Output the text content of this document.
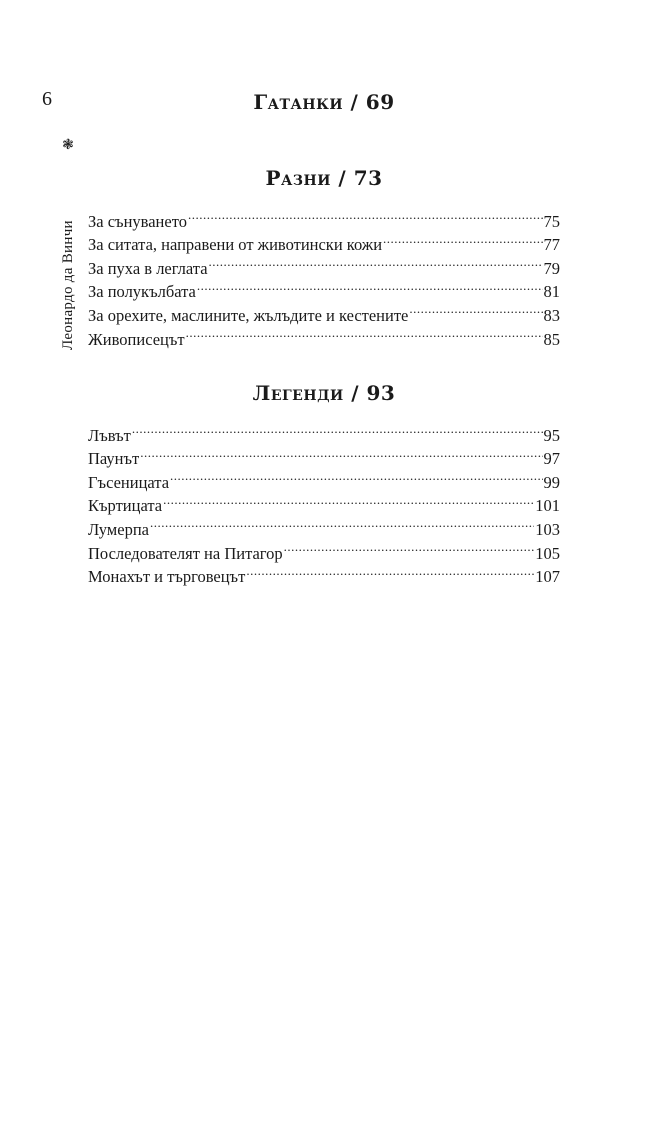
6
❃
Леонардо да Винчи
Гатанки / 69
Разни / 73
За сънуването .....	75
За ситата, направени от животински кожи .....	77
За пуха в леглата .....	79
За полукълбата .....	81
За орехите, маслините, жълъдите и кестените .....	83
Живописецът .....	85
Легенди / 93
Лъвът .....	95
Паунът .....	97
Гъсеницата .....	99
Къртицата .....	101
Лумерпа .....	103
Последователят на Питагор .....	105
Монахът и търговецът .....	107
